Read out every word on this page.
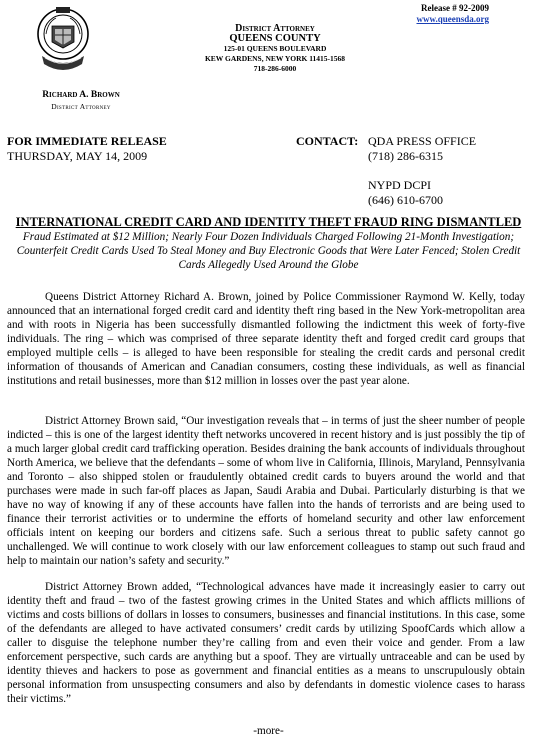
Release # 92-2009
www.queensda.org
District Attorney
QUEENS COUNTY
125-01 QUEENS BOULEVARD
KEW GARDENS, NEW YORK 11415-1568
718-286-6000
Richard A. Brown
District Attorney
FOR IMMEDIATE RELEASE
THURSDAY, MAY 14, 2009
CONTACT: QDA PRESS OFFICE
(718) 286-6315
NYPD DCPI
(646) 610-6700
INTERNATIONAL CREDIT CARD AND IDENTITY THEFT FRAUD RING DISMANTLED
Fraud Estimated at $12 Million; Nearly Four Dozen Individuals Charged Following 21-Month Investigation; Counterfeit Credit Cards Used To Steal Money and Buy Electronic Goods that Were Later Fenced; Stolen Credit Cards Allegedly Used Around the Globe
Queens District Attorney Richard A. Brown, joined by Police Commissioner Raymond W. Kelly, today announced that an international forged credit card and identity theft ring based in the New York-metropolitan area and with roots in Nigeria has been successfully dismantled following the indictment this week of forty-five individuals. The ring – which was comprised of three separate identity theft and forged credit card groups that employed multiple cells – is alleged to have been responsible for stealing the credit cards and personal credit information of thousands of American and Canadian consumers, costing these individuals, as well as financial institutions and retail businesses, more than $12 million in losses over the past year alone.
District Attorney Brown said, “Our investigation reveals that – in terms of just the sheer number of people indicted – this is one of the largest identity theft networks uncovered in recent history and is just possibly the tip of a much larger global credit card trafficking operation. Besides draining the bank accounts of individuals throughout North America, we believe that the defendants – some of whom live in California, Illinois, Maryland, Pennsylvania and Toronto – also shipped stolen or fraudulently obtained credit cards to buyers around the world and that purchases were made in such far-off places as Japan, Saudi Arabia and Dubai. Particularly disturbing is that we have no way of knowing if any of these accounts have fallen into the hands of terrorists and are being used to finance their terrorist activities or to undermine the efforts of homeland security and other law enforcement officials intent on keeping our borders and citizens safe. Such a serious threat to public safety cannot go unchallenged. We will continue to work closely with our law enforcement colleagues to stamp out such fraud and help to maintain our nation’s safety and security.”
District Attorney Brown added, “Technological advances have made it increasingly easier to carry out identity theft and fraud – two of the fastest growing crimes in the United States and which afflicts millions of victims and costs billions of dollars in losses to consumers, businesses and financial institutions. In this case, some of the defendants are alleged to have activated consumers’ credit cards by utilizing SpoofCards which allow a caller to disguise the telephone number they’re calling from and even their voice and gender. From a law enforcement perspective, such cards are anything but a spoof. They are virtually untraceable and can be used by identity thieves and hackers to pose as government and financial entities as a means to unscrupulously obtain personal information from unsuspecting consumers and also by defendants in domestic violence cases to harass their victims.”
-more-
